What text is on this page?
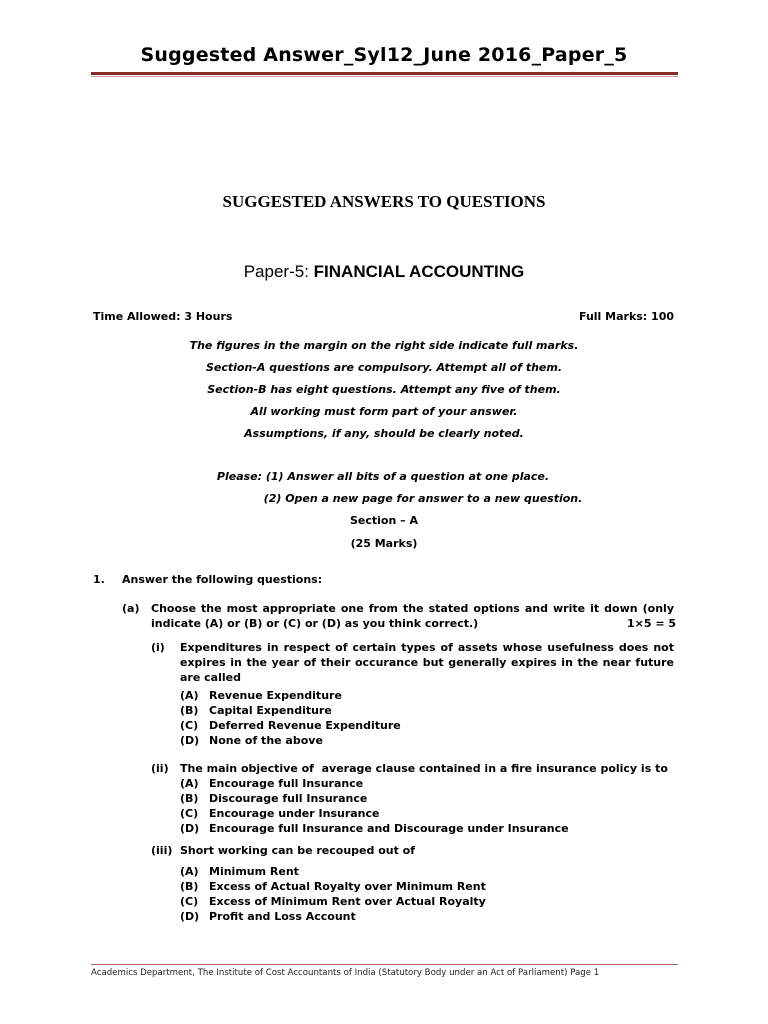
Suggested Answer_Syl12_June 2016_Paper_5
SUGGESTED ANSWERS TO QUESTIONS
Paper-5: FINANCIAL ACCOUNTING
Time Allowed: 3 Hours	Full Marks: 100
The figures in the margin on the right side indicate full marks.
Section-A questions are compulsory. Attempt all of them.
Section-B has eight questions. Attempt any five of them.
All working must form part of your answer.
Assumptions, if any, should be clearly noted.
Please: (1) Answer all bits of a question at one place.
(2) Open a new page for answer to a new question.
Section – A
(25 Marks)
1. Answer the following questions:
(a) Choose the most appropriate one from the stated options and write it down (only indicate (A) or (B) or (C) or (D) as you think correct.)	1×5 = 5
(i) Expenditures in respect of certain types of assets whose usefulness does not expires in the year of their occurance but generally expires in the near future are called
(A) Revenue Expenditure
(B) Capital Expenditure
(C) Deferred Revenue Expenditure
(D) None of the above
(ii) The main objective of  average clause contained in a fire insurance policy is to
(A) Encourage full Insurance
(B) Discourage full Insurance
(C) Encourage under Insurance
(D) Encourage full Insurance and Discourage under Insurance
(iii) Short working can be recouped out of
(A) Minimum Rent
(B) Excess of Actual Royalty over Minimum Rent
(C) Excess of Minimum Rent over Actual Royalty
(D) Profit and Loss Account
Academics Department, The Institute of Cost Accountants of India (Statutory Body under an Act of Parliament) Page 1
